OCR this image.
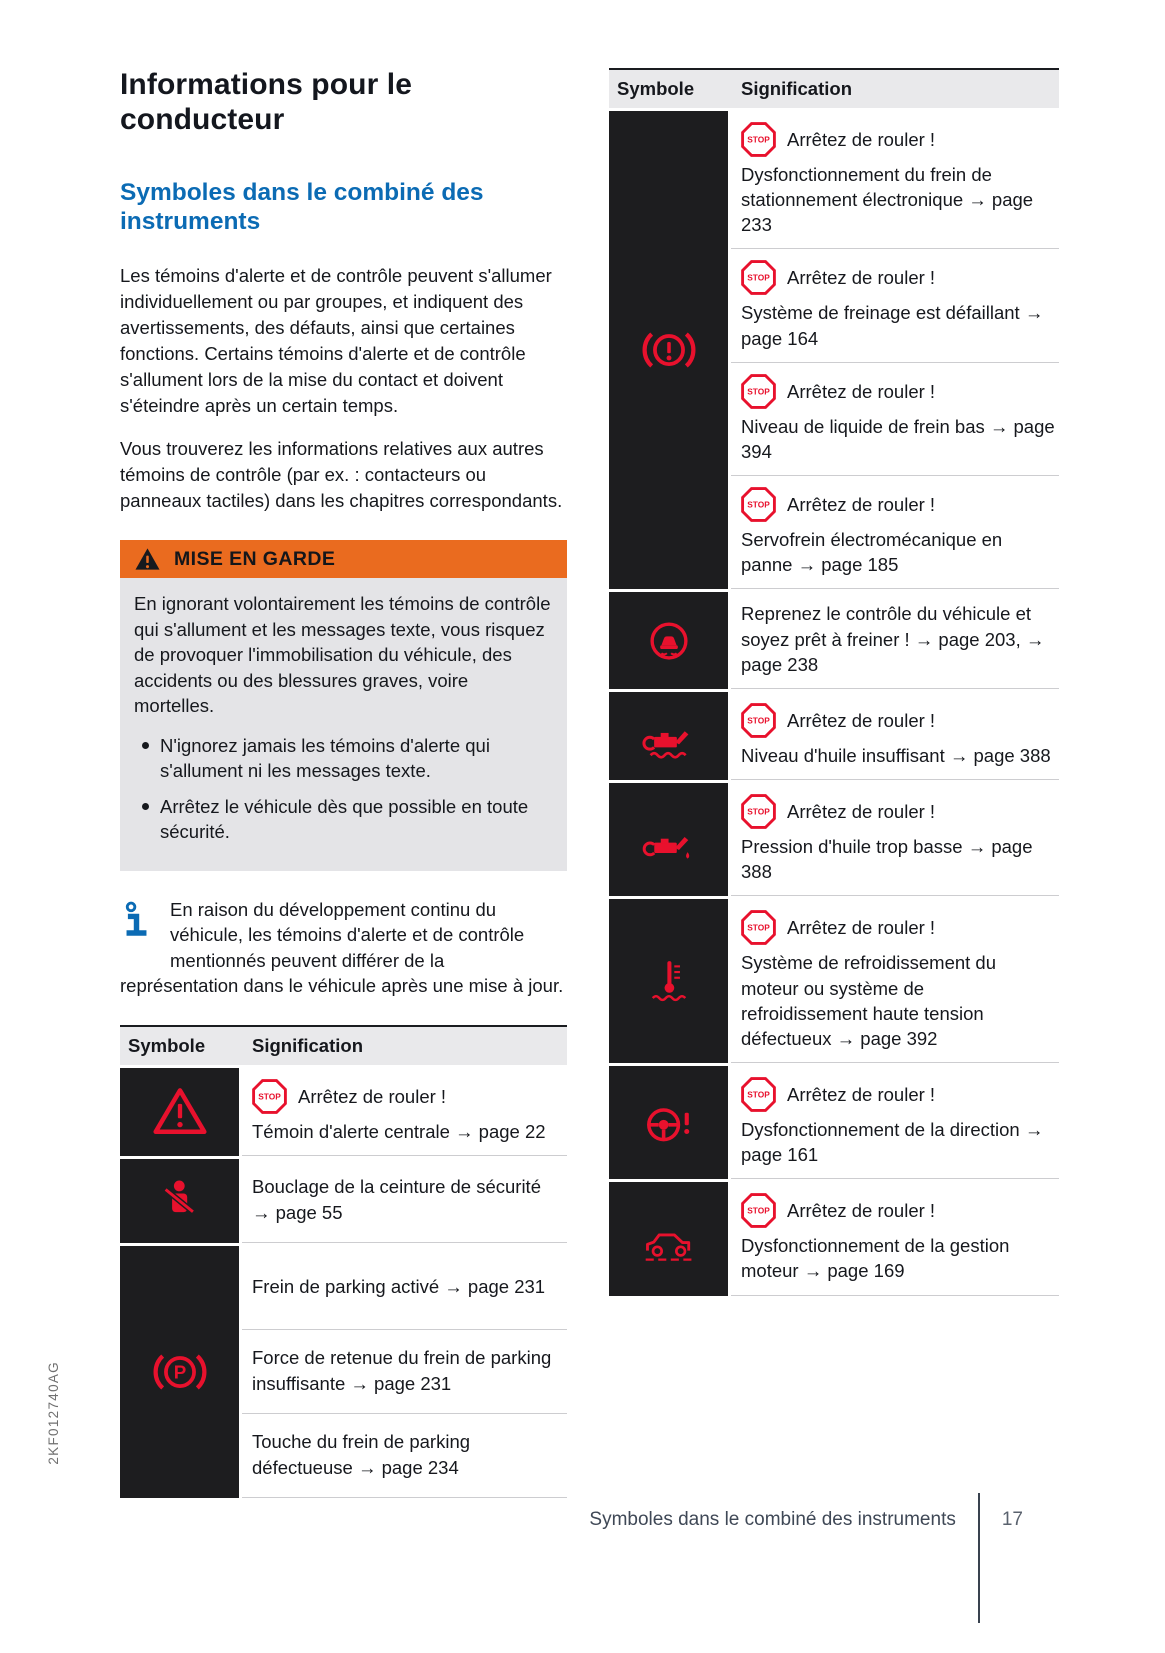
2KF012740AG
Informations pour le conducteur
Symboles dans le combiné des instruments

Les témoins d'alerte et de contrôle peuvent s'allumer individuellement ou par groupes, et indiquent des avertissements, des défauts, ainsi que certaines fonctions. Certains témoins d'alerte et de contrôle s'allument lors de la mise du contact et doivent s'éteindre après un certain temps.

Vous trouverez les informations relatives aux autres témoins de contrôle (par ex. : contacteurs ou panneaux tactiles) dans les chapitres correspondants.

MISE EN GARDE
En ignorant volontairement les témoins de contrôle qui s'allument et les messages texte, vous risquez de provoquer l'immobilisation du véhicule, des accidents ou des blessures graves, voire mortelles.
N'ignorez jamais les témoins d'alerte qui s'allument ni les messages texte.
Arrêtez le véhicule dès que possible en toute sécurité.
En raison du développement continu du véhicule, les témoins d'alerte et de contrôle mentionnés peuvent différer de la représentation dans le véhicule après une mise à jour.
Symbole	Signification
STOP Arrêtez de rouler !
Témoin d'alerte centrale → page 22
Bouclage de la ceinture de sécurité → page 55
P
Frein de parking activé → page 231
Force de retenue du frein de parking insuffisante → page 231
Touche du frein de parking défectueuse → page 234
Symbole	Signification
STOP Arrêtez de rouler !
Dysfonctionnement du frein de stationnement électronique → page 233
STOP Arrêtez de rouler !
Système de freinage est défaillant → page 164
STOP Arrêtez de rouler !
Niveau de liquide de frein bas → page 394
STOP Arrêtez de rouler !
Servofrein électromécanique en panne → page 185
Reprenez le contrôle du véhicule et soyez prêt à freiner ! → page 203, → page 238
STOP Arrêtez de rouler !
Niveau d'huile insuffisant → page 388
STOP Arrêtez de rouler !
Pression d'huile trop basse → page 388
STOP Arrêtez de rouler !
Système de refroidissement du moteur ou système de refroidissement haute tension défectueux → page 392
STOP Arrêtez de rouler !
Dysfonctionnement de la direction → page 161
STOP Arrêtez de rouler !
Dysfonctionnement de la gestion moteur → page 169
Symboles dans le combiné des instruments 17
